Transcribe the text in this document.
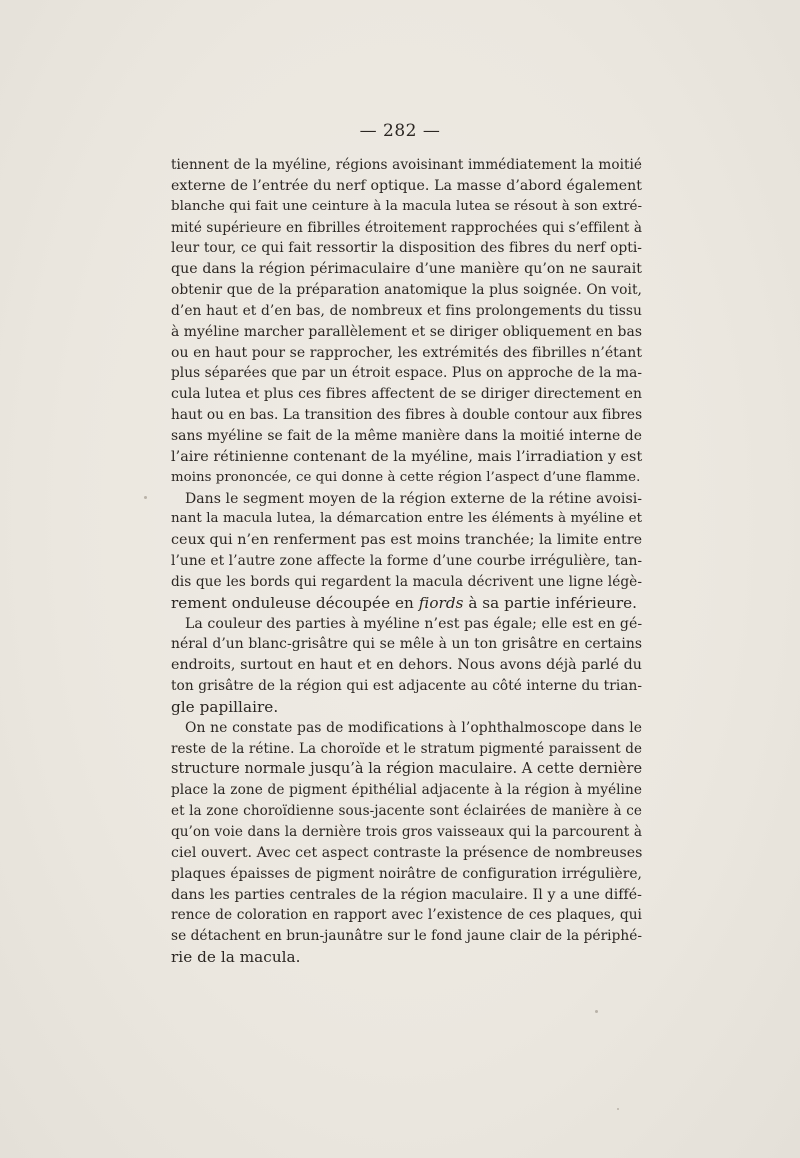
— 282 —
tiennent de la myéline, régions avoisinant immédiatement la moitié
externe de l’entrée du nerf optique. La masse d’abord également
blanche qui fait une ceinture à la macula lutea se résout à son extré-
mité supérieure en fibrilles étroitement rapprochées qui s’effilent à
leur tour, ce qui fait ressortir la disposition des fibres du nerf opti-
que dans la région périmaculaire d’une manière qu’on ne saurait
obtenir que de la préparation anatomique la plus soignée. On voit,
d’en haut et d’en bas, de nombreux et fins prolongements du tissu
à myéline marcher parallèlement et se diriger obliquement en bas
ou en haut pour se rapprocher, les extrémités des fibrilles n’étant
plus séparées que par un étroit espace. Plus on approche de la ma-
cula lutea et plus ces fibres affectent de se diriger directement en
haut ou en bas. La transition des fibres à double contour aux fibres
sans myéline se fait de la même manière dans la moitié interne de
l’aire rétinienne contenant de la myéline, mais l’irradiation y est
moins prononcée, ce qui donne à cette région l’aspect d’une flamme.
Dans le segment moyen de la région externe de la rétine avoisi-
nant la macula lutea, la démarcation entre les éléments à myéline et
ceux qui n’en renferment pas est moins tranchée; la limite entre
l’une et l’autre zone affecte la forme d’une courbe irrégulière, tan-
dis que les bords qui regardent la macula décrivent une ligne légè-
rement onduleuse découpée en fiords à sa partie inférieure.
La couleur des parties à myéline n’est pas égale; elle est en gé-
néral d’un blanc-grisâtre qui se mêle à un ton grisâtre en certains
endroits, surtout en haut et en dehors. Nous avons déjà parlé du
ton grisâtre de la région qui est adjacente au côté interne du trian-
gle papillaire.
On ne constate pas de modifications à l’ophthalmoscope dans le
reste de la rétine. La choroïde et le stratum pigmenté paraissent de
structure normale jusqu’à la région maculaire. A cette dernière
place la zone de pigment épithélial adjacente à la région à myéline
et la zone choroïdienne sous-jacente sont éclairées de manière à ce
qu’on voie dans la dernière trois gros vaisseaux qui la parcourent à
ciel ouvert. Avec cet aspect contraste la présence de nombreuses
plaques épaisses de pigment noirâtre de configuration irrégulière,
dans les parties centrales de la région maculaire. Il y a une diffé-
rence de coloration en rapport avec l’existence de ces plaques, qui
se détachent en brun-jaunâtre sur le fond jaune clair de la périphé-
rie de la macula.
